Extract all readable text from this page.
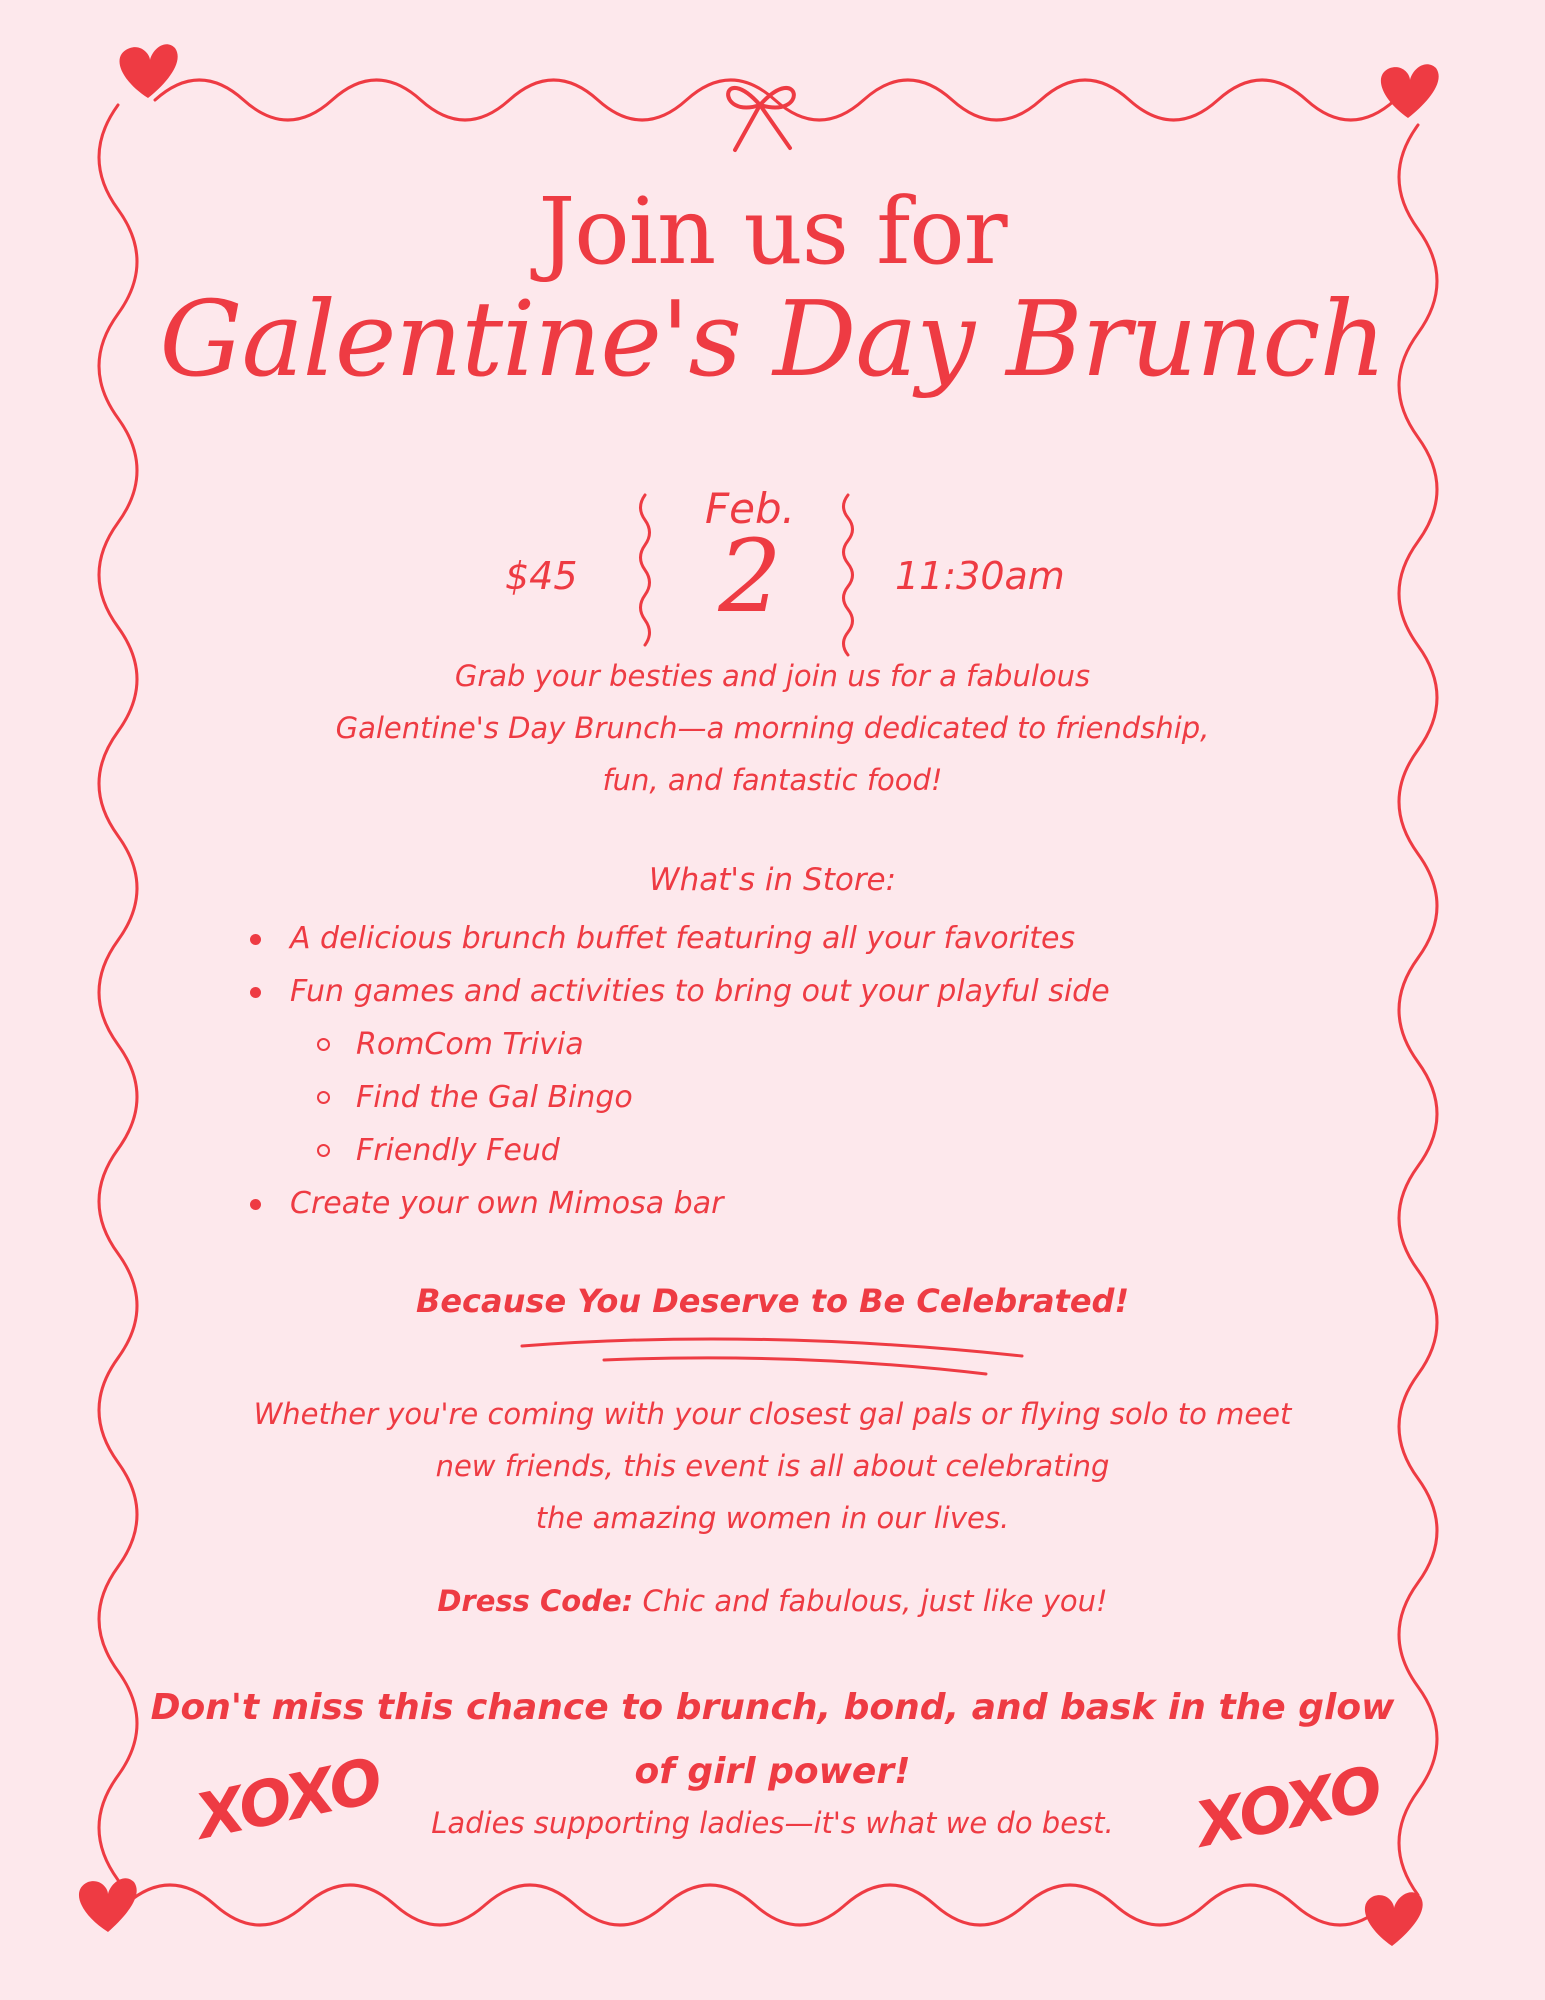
Join us for
Galentine's Day Brunch
$45
Feb.
2	11:30am
Grab your besties and join us for a fabulous
Galentine's Day Brunch—a morning dedicated to friendship,
fun, and fantastic food!
What's in Store:
A delicious brunch buffet featuring all your favorites
Fun games and activities to bring out your playful side
RomCom Trivia
Find the Gal Bingo
Friendly Feud
Create your own Mimosa bar
Because You Deserve to Be Celebrated!
Whether you're coming with your closest gal pals or flying solo to meet
new friends, this event is all about celebrating
the amazing women in our lives.
Dress Code: Chic and fabulous, just like you!
Don't miss this chance to brunch, bond, and bask in the glow
of girl power!
Ladies supporting ladies—it's what we do best.
XOXO	XOXO
